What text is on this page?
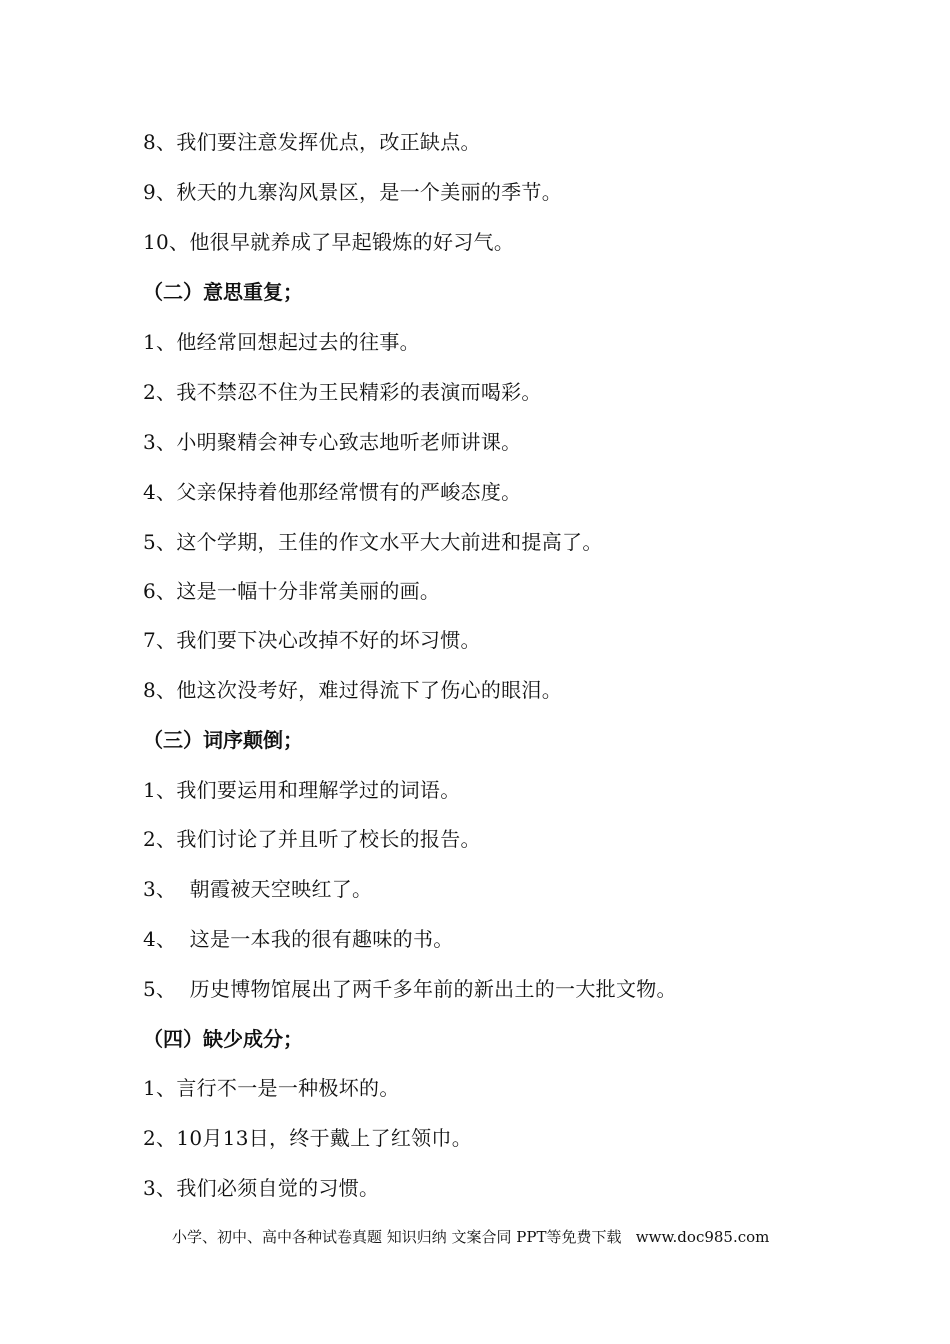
8、我们要注意发挥优点，改正缺点。
9、秋天的九寨沟风景区，是一个美丽的季节。
10、他很早就养成了早起锻炼的好习气。
（二）意思重复；
1、他经常回想起过去的往事。
2、我不禁忍不住为王民精彩的表演而喝彩。
3、小明聚精会神专心致志地听老师讲课。
4、父亲保持着他那经常惯有的严峻态度。
5、这个学期，王佳的作文水平大大前进和提高了。
6、这是一幅十分非常美丽的画。
7、我们要下决心改掉不好的坏习惯。
8、他这次没考好，难过得流下了伤心的眼泪。
（三）词序颠倒；
1、我们要运用和理解学过的词语。
2、我们讨论了并且听了校长的报告。
3、  朝霞被天空映红了。
4、  这是一本我的很有趣味的书。
5、  历史博物馆展出了两千多年前的新出土的一大批文物。
（四）缺少成分；
1、言行不一是一种极坏的。
2、10月13日，终于戴上了红领巾。
3、我们必须自觉的习惯。
小学、初中、高中各种试卷真题 知识归纳 文案合同 PPT等免费下载   www.doc985.com
